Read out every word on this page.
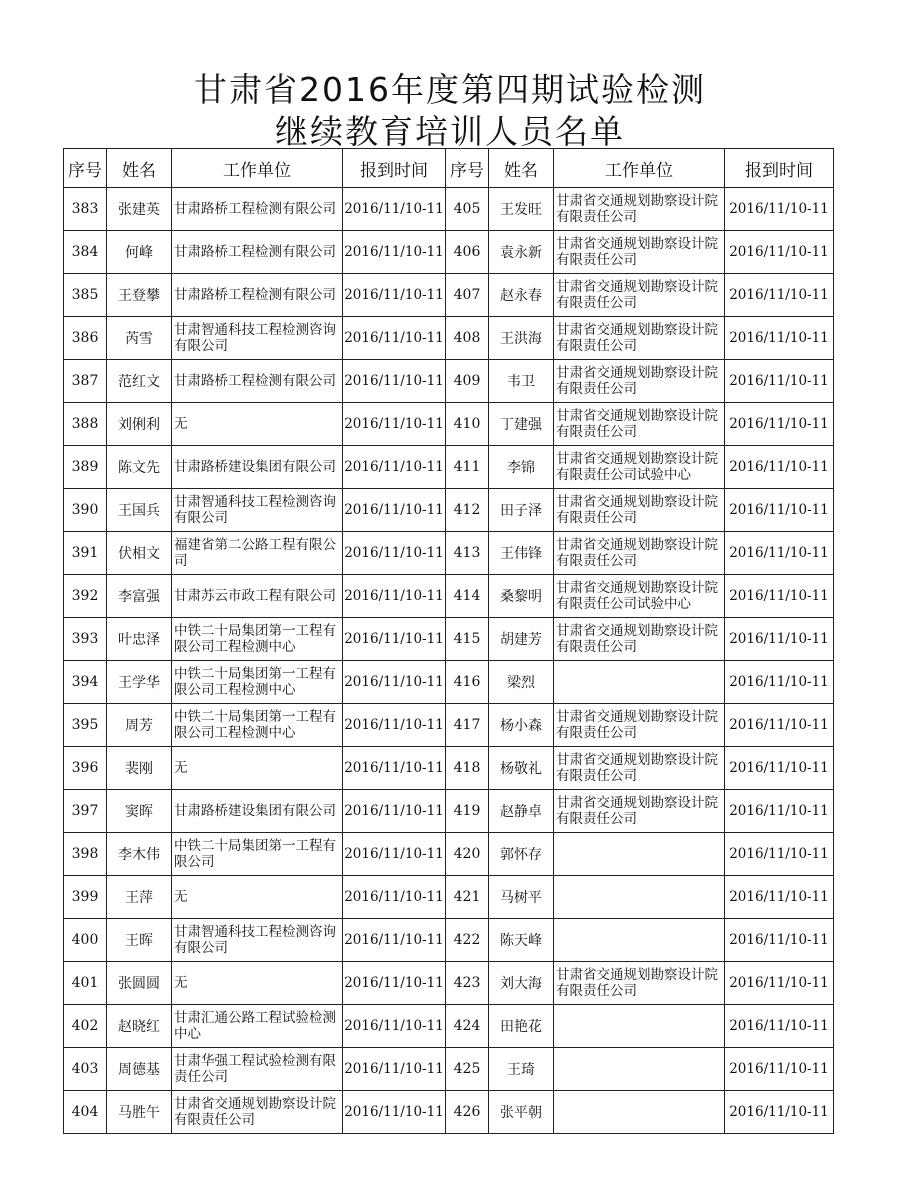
甘肃省2016年度第四期试验检测
继续教育培训人员名单
序号	姓名	工作单位	报到时间	序号	姓名	工作单位	报到时间
383	张建英	甘肃路桥工程检测有限公司	2016/11/10-11	405	王发旺	甘肃省交通规划勘察设计院有限责任公司	2016/11/10-11
384	何峰	甘肃路桥工程检测有限公司	2016/11/10-11	406	袁永新	甘肃省交通规划勘察设计院有限责任公司	2016/11/10-11
385	王登攀	甘肃路桥工程检测有限公司	2016/11/10-11	407	赵永春	甘肃省交通规划勘察设计院有限责任公司	2016/11/10-11
386	芮雪	甘肃智通科技工程检测咨询有限公司	2016/11/10-11	408	王洪海	甘肃省交通规划勘察设计院有限责任公司	2016/11/10-11
387	范红文	甘肃路桥工程检测有限公司	2016/11/10-11	409	韦卫	甘肃省交通规划勘察设计院有限责任公司	2016/11/10-11
388	刘俐利	无	2016/11/10-11	410	丁建强	甘肃省交通规划勘察设计院有限责任公司	2016/11/10-11
389	陈文先	甘肃路桥建设集团有限公司	2016/11/10-11	411	李锦	甘肃省交通规划勘察设计院有限责任公司试验中心	2016/11/10-11
390	王国兵	甘肃智通科技工程检测咨询有限公司	2016/11/10-11	412	田子泽	甘肃省交通规划勘察设计院有限责任公司	2016/11/10-11
391	伏相文	福建省第二公路工程有限公司	2016/11/10-11	413	王伟锋	甘肃省交通规划勘察设计院有限责任公司	2016/11/10-11
392	李富强	甘肃苏云市政工程有限公司	2016/11/10-11	414	桑黎明	甘肃省交通规划勘察设计院有限责任公司试验中心	2016/11/10-11
393	叶忠泽	中铁二十局集团第一工程有限公司工程检测中心	2016/11/10-11	415	胡建芳	甘肃省交通规划勘察设计院有限责任公司	2016/11/10-11
394	王学华	中铁二十局集团第一工程有限公司工程检测中心	2016/11/10-11	416	梁烈		2016/11/10-11
395	周芳	中铁二十局集团第一工程有限公司工程检测中心	2016/11/10-11	417	杨小森	甘肃省交通规划勘察设计院有限责任公司	2016/11/10-11
396	裴刚	无	2016/11/10-11	418	杨敬礼	甘肃省交通规划勘察设计院有限责任公司	2016/11/10-11
397	窦晖	甘肃路桥建设集团有限公司	2016/11/10-11	419	赵静卓	甘肃省交通规划勘察设计院有限责任公司	2016/11/10-11
398	李木伟	中铁二十局集团第一工程有限公司	2016/11/10-11	420	郭怀存		2016/11/10-11
399	王萍	无	2016/11/10-11	421	马树平		2016/11/10-11
400	王晖	甘肃智通科技工程检测咨询有限公司	2016/11/10-11	422	陈天峰		2016/11/10-11
401	张圆圆	无	2016/11/10-11	423	刘大海	甘肃省交通规划勘察设计院有限责任公司	2016/11/10-11
402	赵晓红	甘肃汇通公路工程试验检测中心	2016/11/10-11	424	田艳花		2016/11/10-11
403	周德基	甘肃华强工程试验检测有限责任公司	2016/11/10-11	425	王琦		2016/11/10-11
404	马胜午	甘肃省交通规划勘察设计院有限责任公司	2016/11/10-11	426	张平朝		2016/11/10-11
